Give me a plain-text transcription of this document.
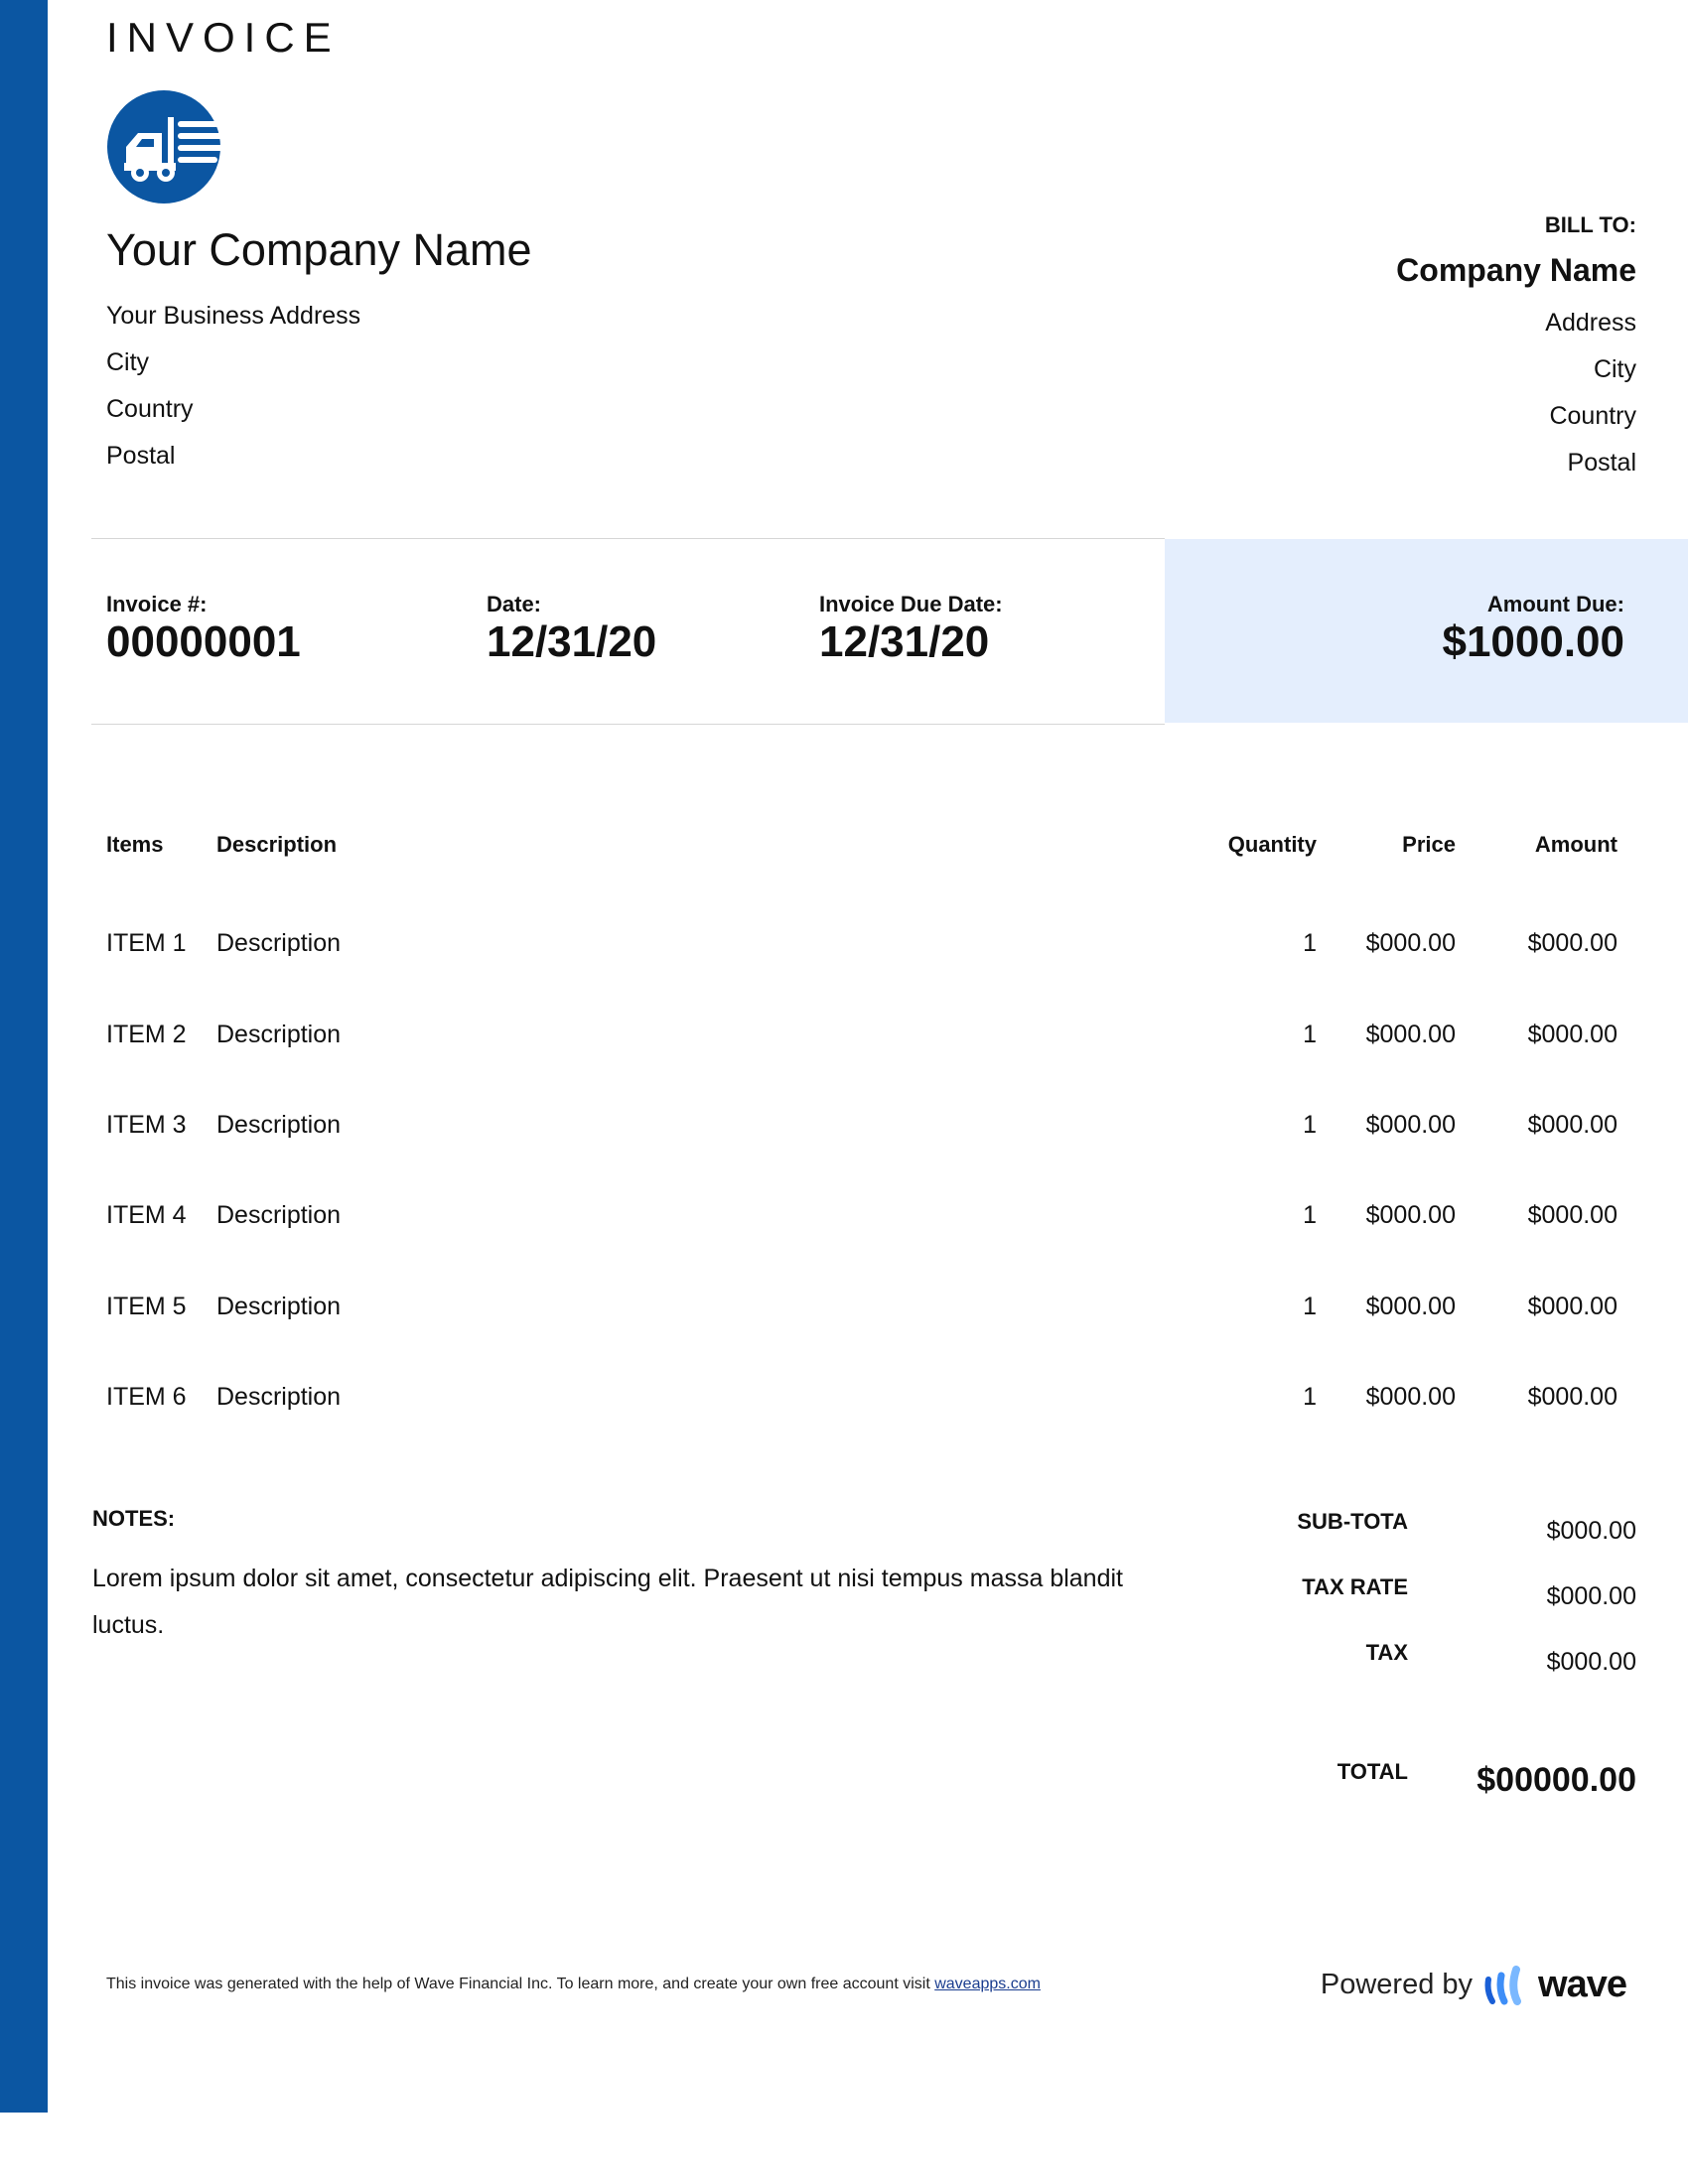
INVOICE
Your Company Name
Your Business Address
City
Country
Postal
BILL TO:
Company Name
Address
City
Country
Postal
Invoice #:
00000001
Date:
12/31/20
Invoice Due Date:
12/31/20
Amount Due:
$1000.00
Items Description	Quantity	Price	Amount
ITEM 1 Description	1 $000.00	$000.00
ITEM 2 Description	1 $000.00	$000.00
ITEM 3 Description	1 $000.00	$000.00
ITEM 4 Description	1 $000.00	$000.00
ITEM 5 Description	1 $000.00	$000.00
ITEM 6 Description	1 $000.00	$000.00
NOTES:
Lorem ipsum dolor sit amet, consectetur adipiscing elit. Praesent ut nisi tempus massa blandit luctus.
SUB-TOTA	$000.00
TAX RATE	$000.00
TAX	$000.00
TOTAL $00000.00
This invoice was generated with the help of Wave Financial Inc. To learn more, and create your own free account visit waveapps.com	Powered by wave
